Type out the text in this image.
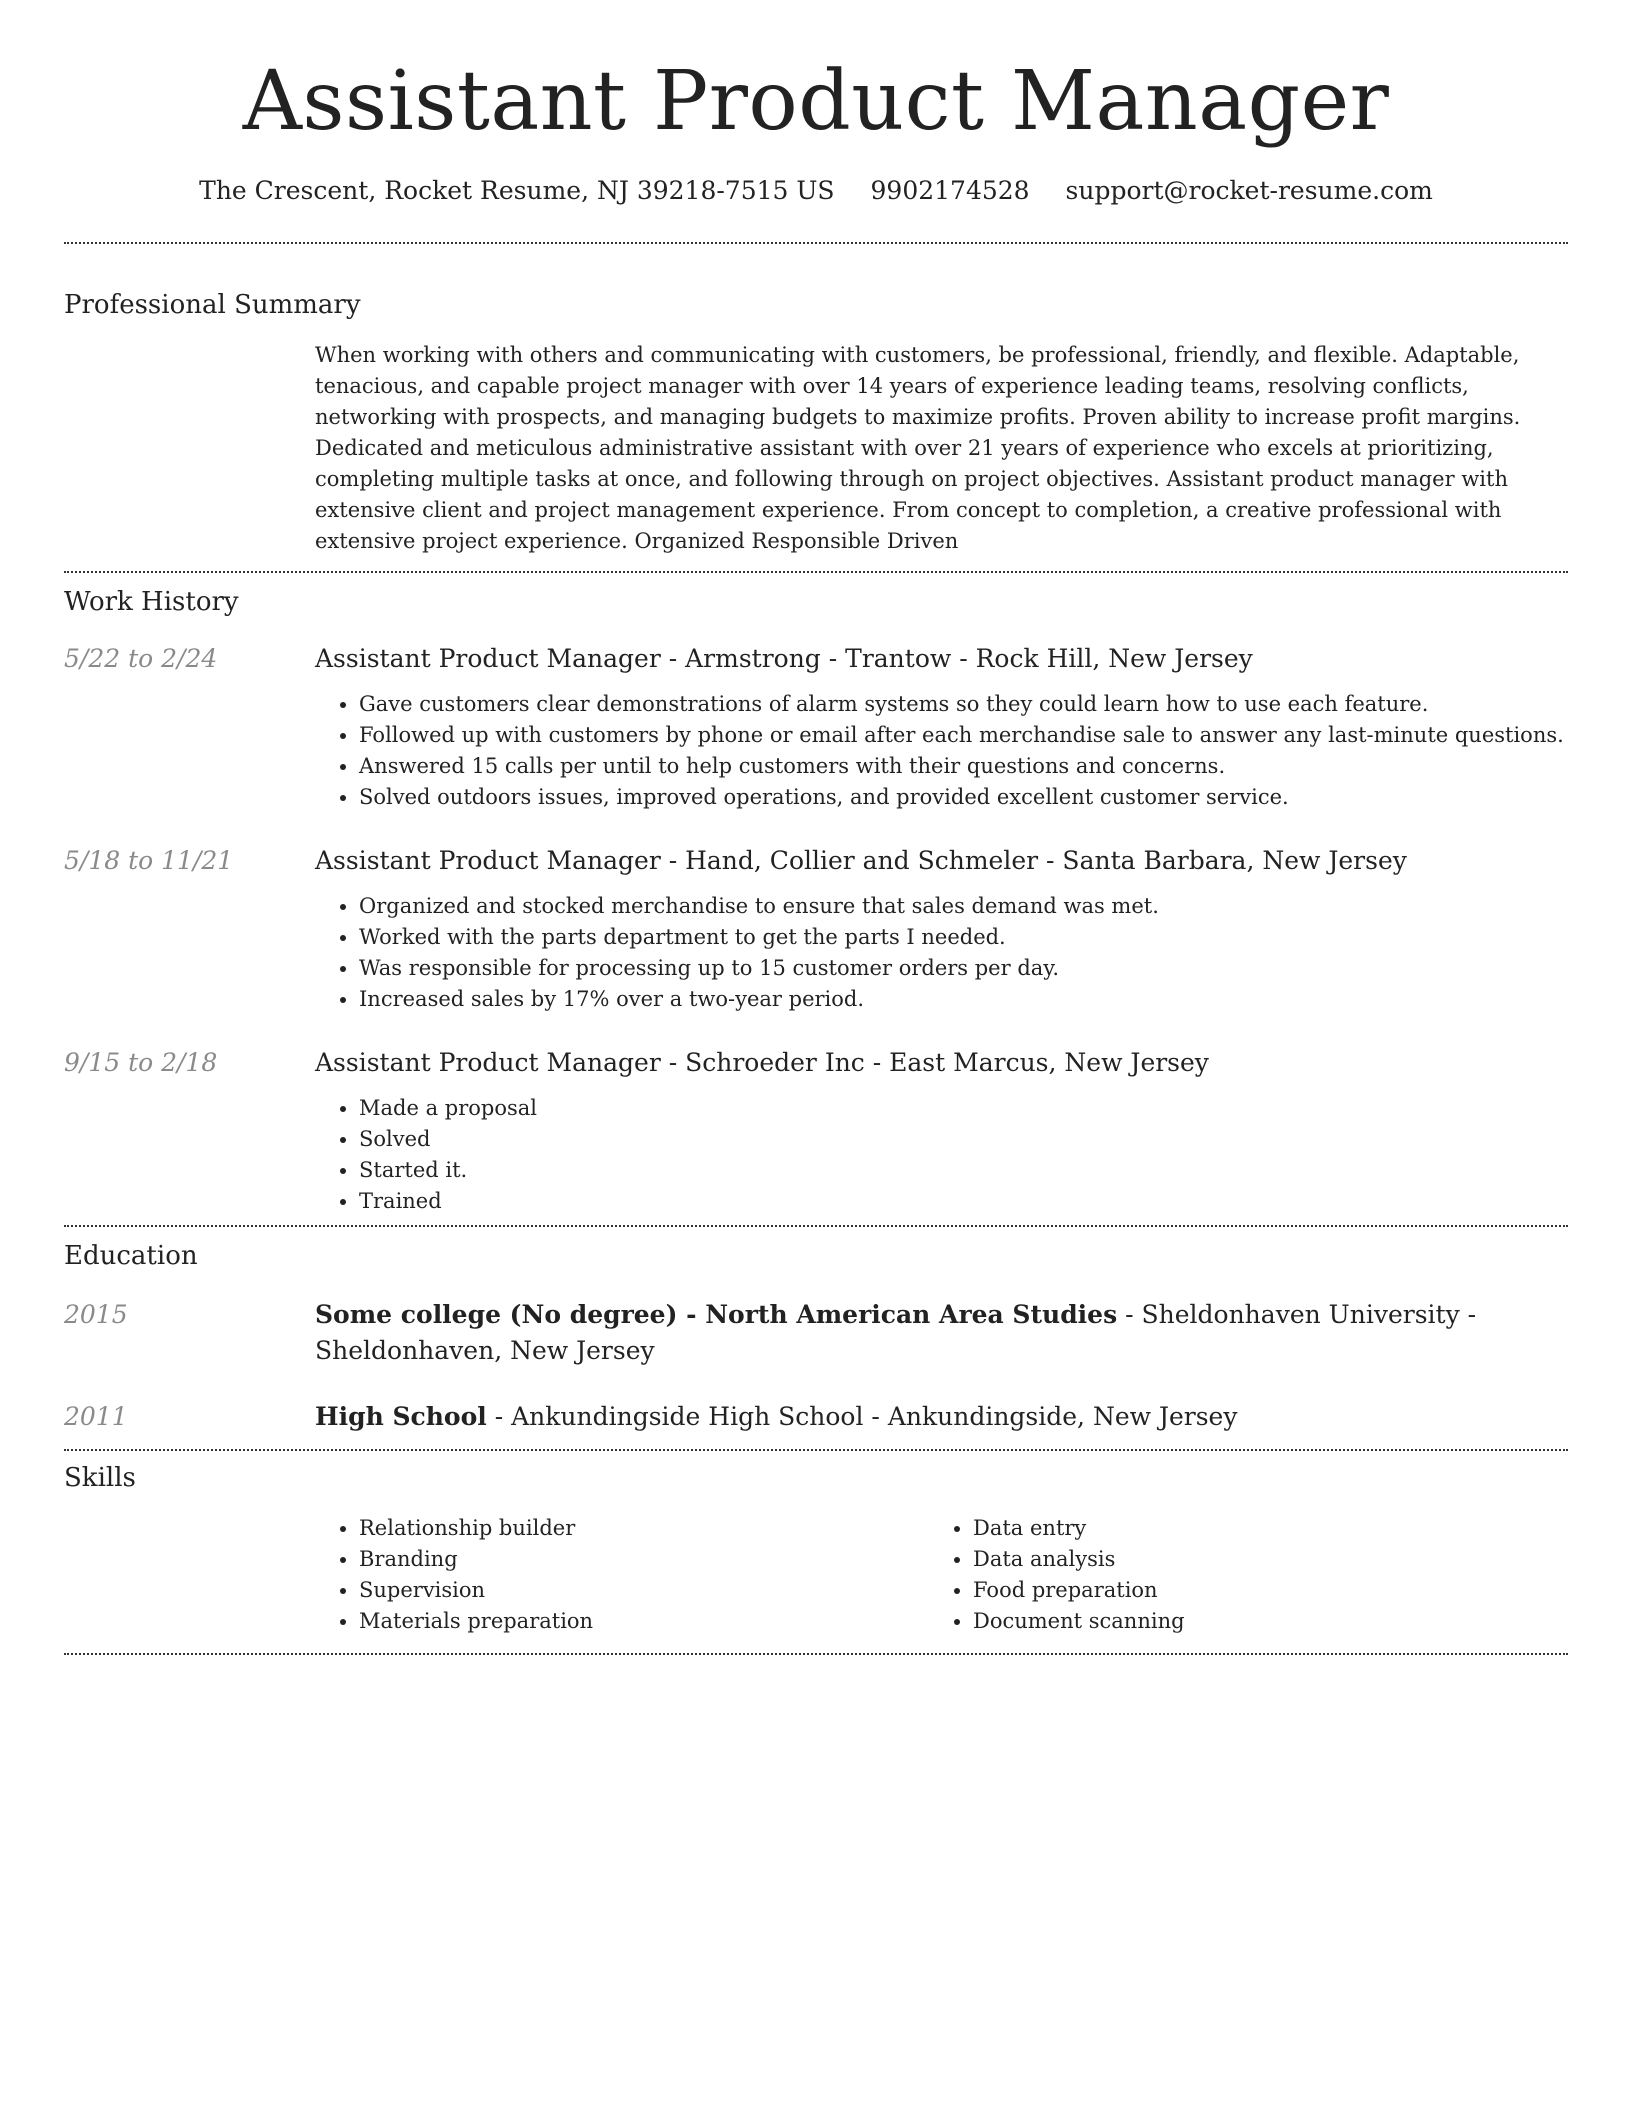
Assistant Product Manager
The Crescent, Rocket Resume, NJ 39218-7515 US 9902174528 support@rocket-resume.com
Professional Summary
When working with others and communicating with customers, be professional, friendly, and flexible. Adaptable, tenacious, and capable project manager with over 14 years of experience leading teams, resolving conflicts, networking with prospects, and managing budgets to maximize profits. Proven ability to increase profit margins. Dedicated and meticulous administrative assistant with over 21 years of experience who excels at prioritizing, completing multiple tasks at once, and following through on project objectives. Assistant product manager with extensive client and project management experience. From concept to completion, a creative professional with extensive project experience. Organized Responsible Driven
Work History
5/22 to 2/24	Assistant Product Manager - Armstrong - Trantow - Rock Hill, New Jersey
• Gave customers clear demonstrations of alarm systems so they could learn how to use each feature.
• Followed up with customers by phone or email after each merchandise sale to answer any last-minute questions.
• Answered 15 calls per until to help customers with their questions and concerns.
• Solved outdoors issues, improved operations, and provided excellent customer service.
5/18 to 11/21	Assistant Product Manager - Hand, Collier and Schmeler - Santa Barbara, New Jersey
• Organized and stocked merchandise to ensure that sales demand was met.
• Worked with the parts department to get the parts I needed.
• Was responsible for processing up to 15 customer orders per day.
• Increased sales by 17% over a two-year period.
9/15 to 2/18	Assistant Product Manager - Schroeder Inc - East Marcus, New Jersey
• Made a proposal
• Solved
• Started it.
• Trained
Education
2015	Some college (No degree) - North American Area Studies - Sheldonhaven University - Sheldonhaven, New Jersey
2011	High School - Ankundingside High School - Ankundingside, New Jersey
Skills
• Relationship builder
• Branding
• Supervision
• Materials preparation
• Data entry
• Data analysis
• Food preparation
• Document scanning
